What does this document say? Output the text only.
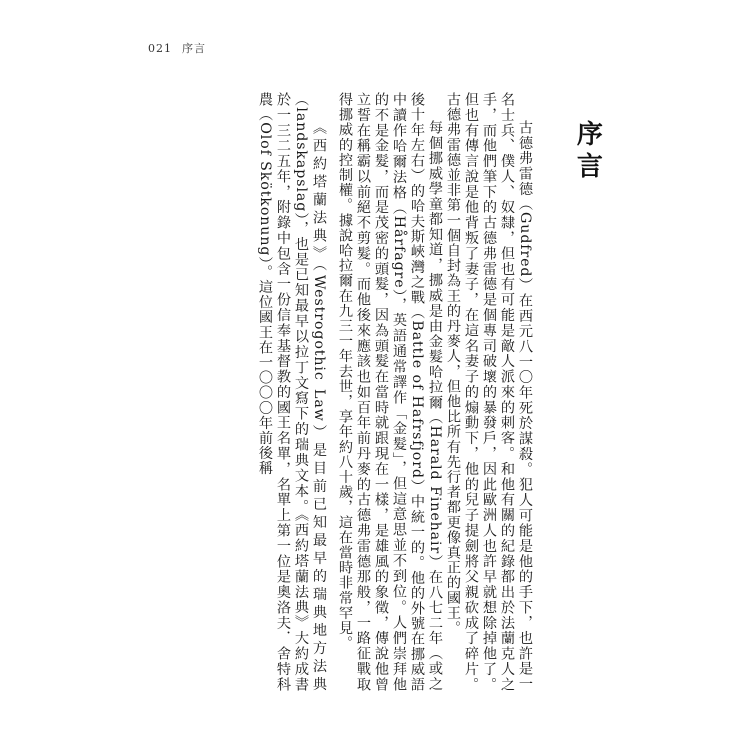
021 序言
序言

古德弗雷德（Gudfred）在西元八一〇年死於謀殺。犯人可能是他的手下，也許是一名士兵、僕人、奴隸，但也有可能是敵人派來的刺客。和他有關的紀錄都出於法蘭克人之手，而他們筆下的古德弗雷德是個專司破壞的暴發戶，因此歐洲人也許早就想除掉他了。但也有傳言說是他背叛了妻子，在這名妻子的煽動下，他的兒子提劍將父親砍成了碎片。古德弗雷德並非第一個自封為王的丹麥人，但他比所有先行者都更像真正的國王。

每個挪威學童都知道，挪威是由金髮哈拉爾（Harald Finehair）在八七二年（或之後十年左右）的哈夫斯峽灣之戰（Battle of Hafrsfjord）中統一的。他的外號在挪威語中讀作哈爾法格（Hårfagre），英語通常譯作「金髮」，但這意思並不到位。人們崇拜他的不是金髮，而是茂密的頭髮，因為頭髮在當時就跟現在一樣，是雄風的象徵，傳說他曾立誓在稱霸以前絕不剪髮。而他後來應該也如百年前丹麥的古德弗雷德那般，一路征戰取得挪威的控制權。據說哈拉爾在九三一年去世，享年約八十歲，這在當時非常罕見。

《西約塔蘭法典》（Westrogothic Law）是目前已知最早的瑞典地方法典（landskapslag），也是已知最早以拉丁文寫下的瑞典文本。《西約塔蘭法典》大約成書於一三二五年，附錄中包含一份信奉基督教的國王名單，名單上第一位是奧洛夫．舍特科農（Olof Skötkonung）。這位國王在一〇〇〇年前後稱
